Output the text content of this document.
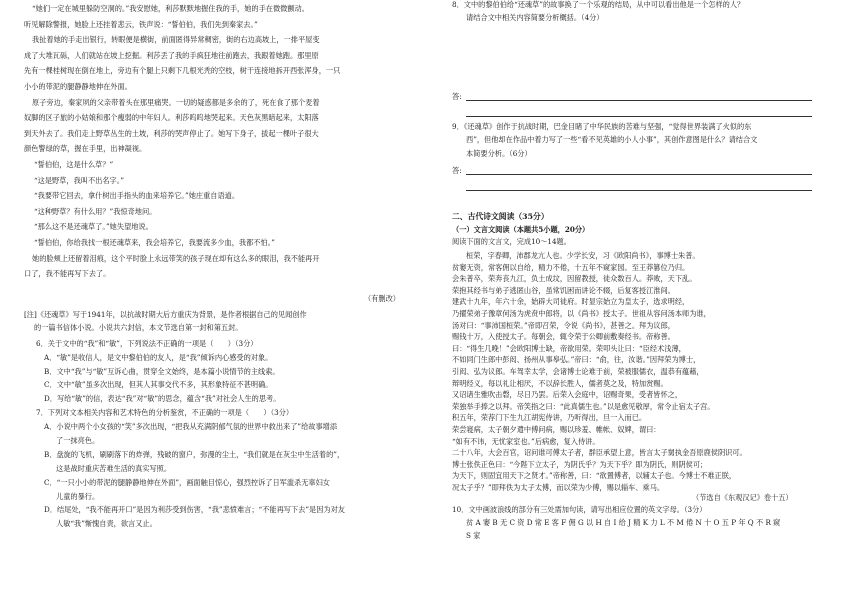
“她们一定在城里躲防空洞的。”我安慰她，利莎默默地握住我的手，她的手在微微颤动。
听见解除警报，她脸上还挂着悲云，铁声说：“誓伯伯，我们先到秦家去。”
我扯着她的手走出银行，转眼便是横街，前面匿得异常稠密，街的右边高坡上，一排平屋变
成了大堆瓦砾，人们就站在坡上挖掘。利莎丢了我的手疯狂地往前跑去，我跟着她跑。那里原
先有一棵桂树现在倒在地上，旁边有个腿上只剩下几根光秃的空枝，树干连接地拆开西张浑身，一只
小小的带泥的腿静静地伸在外面。
原子旁边，秦家夙的父亲带着头在那里痛哭。一切的疑惑都是多余的了，死在食了那个麦着
奴脚的区子旅的小姑娘和那个瘦弱的中年妇人。利莎呜呜地哭起来。天色灰黑暗起来，太阳落
到天外去了。我们走上野草丛生的土坡，利莎的哭声停止了。她写下身子，拔起一棵叶子很大
颜色警绿的草，握在手里，出神凝视。
“誓伯伯，这是什么草？”
“这是野草，我叫不出名字。”
“我要带它回去，拿什树出手指头的血来培养它。”她庄重自语道。
“这种野草？有什么用？”我惊奇地问。
“那么这不是还魂草了。”她失望地说。
“誓伯伯，你给我找一根还魂草来，我会培养它，我要流多少血，我都不怕。”
她的脸颊上还留着泪痕，这个平时脸上永远带笑的孩子现在却有这么多的眼泪，我不能再开
口了，我不能再写下去了。
（有删改）
[注]《还魂草》写于1941年，以抗战时期大后方重庆为背景，是作者根据自己的见闻创作
的一篇书信体小说。小说共六封信，本文节选自第一封和第五封。
6．关于文中的“我”和“敏”，下列说法不正确的一项是（　　）（3分）
A．“敏”是收信人，是文中黎伯伯的友人，是“我”倾诉内心感受的对象。
B．文中“我”与“敏”互诉心曲，贯穿全文始终，是本篇小说情节的主线索。
C．文中“敏”虽多次出现，但其人其事交代不多，其形象特征不甚明确。
D．写给“敏”的信，表达“我”对“敏”的思念，蕴含“我”对社会人生的思考。
7．下列对文本相关内容和艺术特色的分析鉴赏，不正确的一项是（　　）（3分）
A．小说中两个小女孩的“笑”多次出现，“把我从充满阴郁气氛的世界中救出来了”给故事增添
了一抹亮色。
B．盘旋的飞机，刷刷落下的炸弹，残破的窗户，弥漫的尘土，“我们就是在灰尘中生活着的”，
这是战时重庆苦难生活的真实写照。
C．“一只小小的带泥的腿静静地伸在外面”，画面触目惊心，强烈控诉了日军滥杀无辜妇女
儿童的暴行。
D．结尾处，“我不能再开口”是因为利莎受到伤害，“我”悲愤难言；“不能再写下去”是因为对友
人敏“我”惭愧自责，欲言又止。
8．文中的黎伯伯给“还魂草”的故事换了一个乐观的结局，从中可以看出他是一个怎样的人？
请结合文中相关内容简要分析概括。（4分）
答:
9．《还魂草》创作于抗战时期，巴金目睹了中华民族的苦难与坚强，“觉得世界装满了火似的东
西”，但他却在作品中着力写了一些“看不见英雄的小人小事”，其创作意图是什么？请结合文
本简要分析。（6分）
答:
二、古代诗文阅读（35分）
（一）文言文阅读（本题共5小题，20分）
阅读下面的文言文，完成10～14题。
桓荣，字春卿，沛郡龙亢人也。少学长安，习《欧阳尚书》，事博士朱普。
贫窭无资，常客佣以自给，精力不倦，十五年不窥家园。至王莽篡位乃归。
会朱普卒，荣奔丧九江，负土成坟，因留教授，徒众数百人。莽败，天下乱。
荣抱其经书与弟子逃匿山谷，虽常饥困而讲论不辍，后复客授江淮间。
建武十九年，年六十余，始辟大司徒府。时显宗始立为皇太子，选求明经，
乃擢荣弟子豫章何汤为虎贲中郎将，以《尚书》授太子。世祖从容问汤本师为谁，
汤对曰：“事沛国桓荣。”帝即召荣，令说《尚书》，甚善之。拜为议郎，
赐钱十万，入使授太子。每朝会，辄令荣于公卿前敷奏经书。帝称善。
曰：“得生几晚！”会欧阳博士缺，帝欲用荣。荣叩头让曰：“臣经术浅薄，
不如同门生郎中彭闳、扬州从事皋弘。”帝曰：“俞，往，汝谐。”因拜荣为博士，
引闳、弘为议郎。车驾幸太学，会诸博士论难于前，荣被服儒衣，温恭有蕴藉，
辩明经义，每以礼让相厌，不以辞长胜人，儒者莫之及，特加赏赐。
又诏诸生雅吹击磬，尽日乃罢。后荣入会庭中，诏赐奇果，受者皆怀之，
荣独举手捧之以拜。帝笑指之曰：“此真儒生也。”以是愈见敬厚，常令止宿太子宫。
积五年，荣荐门下生九江胡宪侍讲，乃听得出，旦一入而已。
荣尝寝病，太子朝夕遣中傅问病，赐以珍羞、帷帐、奴婢，谓曰：
“如有不讳，无忧家室也。”后病愈，复入侍讲。
二十八年，大会百官，诏问谁可傅太子者，群臣承望上意，皆言太子舅执金吾原鹿侯阴识可。
博士张佚正色曰：“今陛下立太子，为阴氏乎？为天下乎？即为阴氏，则阴侯可；
为天下，则固宜用天下之贤才。”帝称善，曰：“欲置傅者，以辅太子也。今博士不难正朕，
况太子乎？”即拜佚为太子太傅，而以荣为少傅，赐以辎车、乘马。
（节选自《东观汉记》卷十五）
10．文中画波浪线的部分有三处需加句读，请写出相应位置的英文字母。（3分）
贫 A 窭 B 无 C 资 D 常 E 客 F 佣 G 以 H 自 I 给 J 精 K 力 L 不 M 倦 N 十 O 五 P 年 Q 不 R 窥
S 家
